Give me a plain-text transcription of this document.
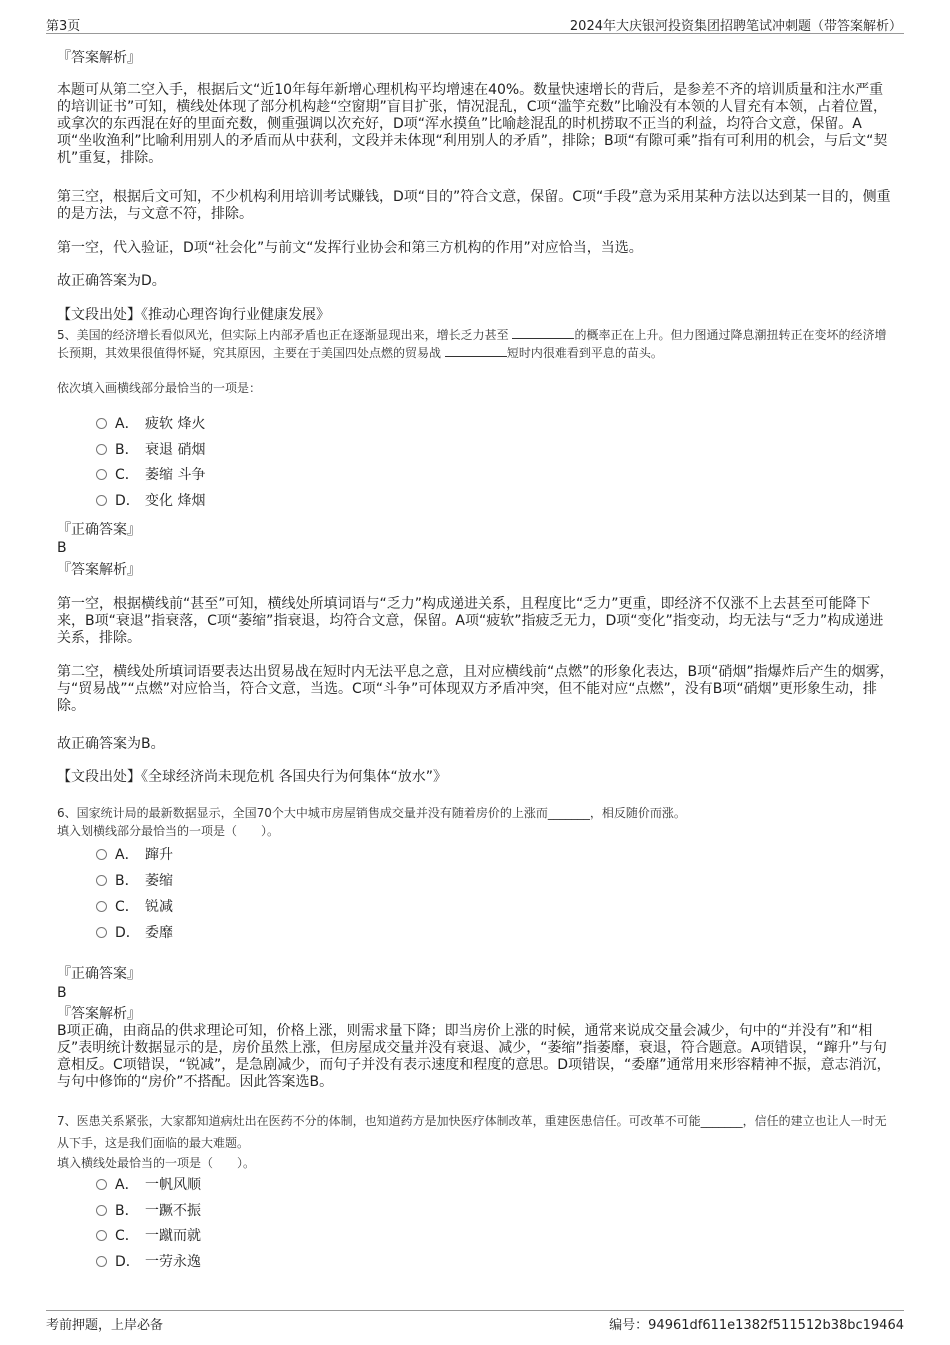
第3页	2024年大庆银河投资集团招聘笔试冲刺题（带答案解析）

『答案解析』

本题可从第二空入手，根据后文“近10年每年新增心理机构平均增速在40%。数量快速增长的背后，是参差不齐的培训质量和注水严重的培训证书”可知，横线处体现了部分机构趁“空窗期”盲目扩张，情况混乱，C项“滥竽充数”比喻没有本领的人冒充有本领，占着位置，或拿次的东西混在好的里面充数，侧重强调以次充好，D项“浑水摸鱼”比喻趁混乱的时机捞取不正当的利益，均符合文意，保留。A项“坐收渔利”比喻利用别人的矛盾而从中获利，文段并未体现“利用别人的矛盾”，排除；B项“有隙可乘”指有可利用的机会，与后文“契机”重复，排除。

第三空，根据后文可知，不少机构利用培训考试赚钱，D项“目的”符合文意，保留。C项“手段”意为采用某种方法以达到某一目的，侧重的是方法，与文意不符，排除。

第一空，代入验证，D项“社会化”与前文“发挥行业协会和第三方机构的作用”对应恰当，当选。

故正确答案为D。

【文段出处】《推动心理咨询行业健康发展》

5、美国的经济增长看似风光，但实际上内部矛盾也正在逐渐显现出来，增长乏力甚至	的概率正在上升。但力图通过降息潮扭转正在变坏的经济增长预期，其效果很值得怀疑，究其原因，主要在于美国四处点燃的贸易战	短时内很难看到平息的苗头。

依次填入画横线部分最恰当的一项是：

A． 疲软 烽火
B． 衰退 硝烟
C． 萎缩 斗争
D． 变化 烽烟

『正确答案』

B

『答案解析』

第一空，根据横线前“甚至”可知，横线处所填词语与“乏力”构成递进关系，且程度比“乏力”更重，即经济不仅涨不上去甚至可能降下来，B项“衰退”指衰落，C项“萎缩”指衰退，均符合文意，保留。A项“疲软”指疲乏无力，D项“变化”指变动，均无法与“乏力”构成递进关系，排除。

第二空，横线处所填词语要表达出贸易战在短时内无法平息之意，且对应横线前“点燃”的形象化表达，B项“硝烟”指爆炸后产生的烟雾，与“贸易战”“点燃”对应恰当，符合文意，当选。C项“斗争”可体现双方矛盾冲突，但不能对应“点燃”，没有B项“硝烟”更形象生动，排除。

故正确答案为B。

【文段出处】《全球经济尚未现危机 各国央行为何集体“放水”》

6、国家统计局的最新数据显示，全国70个大中城市房屋销售成交量并没有随着房价的上涨而_______，相反随价而涨。

填入划横线部分最恰当的一项是（　　）。

A． 蹿升
B． 萎缩
C． 锐减
D． 委靡

『正确答案』

B

『答案解析』

B项正确，由商品的供求理论可知，价格上涨，则需求量下降；即当房价上涨的时候，通常来说成交量会减少，句中的“并没有”和“相反”表明统计数据显示的是，房价虽然上涨，但房屋成交量并没有衰退、减少，“萎缩”指萎靡，衰退，符合题意。A项错误，“蹿升”与句意相反。C项错误，“锐减”，是急剧减少，而句子并没有表示速度和程度的意思。D项错误，“委靡”通常用来形容精神不振，意志消沉，与句中修饰的“房价”不搭配。因此答案选B。

7、医患关系紧张，大家都知道病灶出在医药不分的体制，也知道药方是加快医疗体制改革，重建医患信任。可改革不可能_______，信任的建立也让人一时无从下手，这是我们面临的最大难题。

填入横线处最恰当的一项是（　　）。

A． 一帆风顺
B． 一蹶不振
C． 一蹴而就
D． 一劳永逸
考前押题，上岸必备	编号：94961df611e1382f511512b38bc19464
